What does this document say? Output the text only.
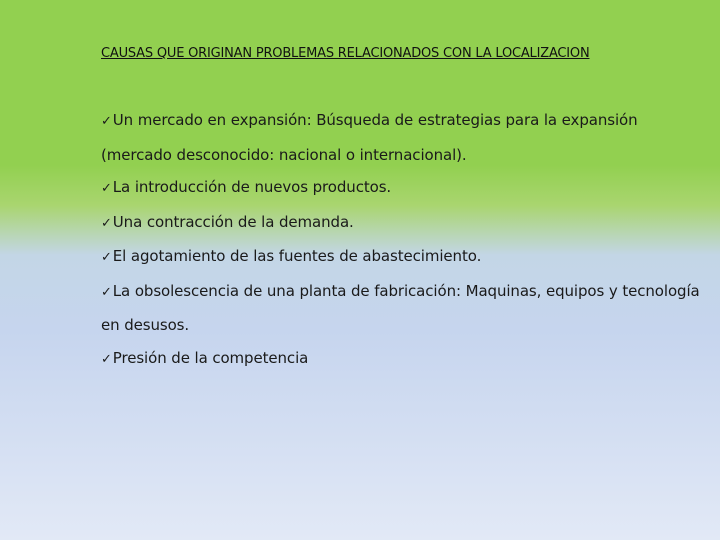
CAUSAS QUE ORIGINAN PROBLEMAS RELACIONADOS CON LA LOCALIZACION
✓Un mercado en expansión: Búsqueda de estrategias para la expansión (mercado desconocido: nacional o internacional).
✓La introducción de nuevos productos.
✓Una contracción de la demanda.
✓El agotamiento de las fuentes de abastecimiento.
✓La obsolescencia de una planta de fabricación: Maquinas, equipos y tecnología en desusos.
✓Presión de la competencia
